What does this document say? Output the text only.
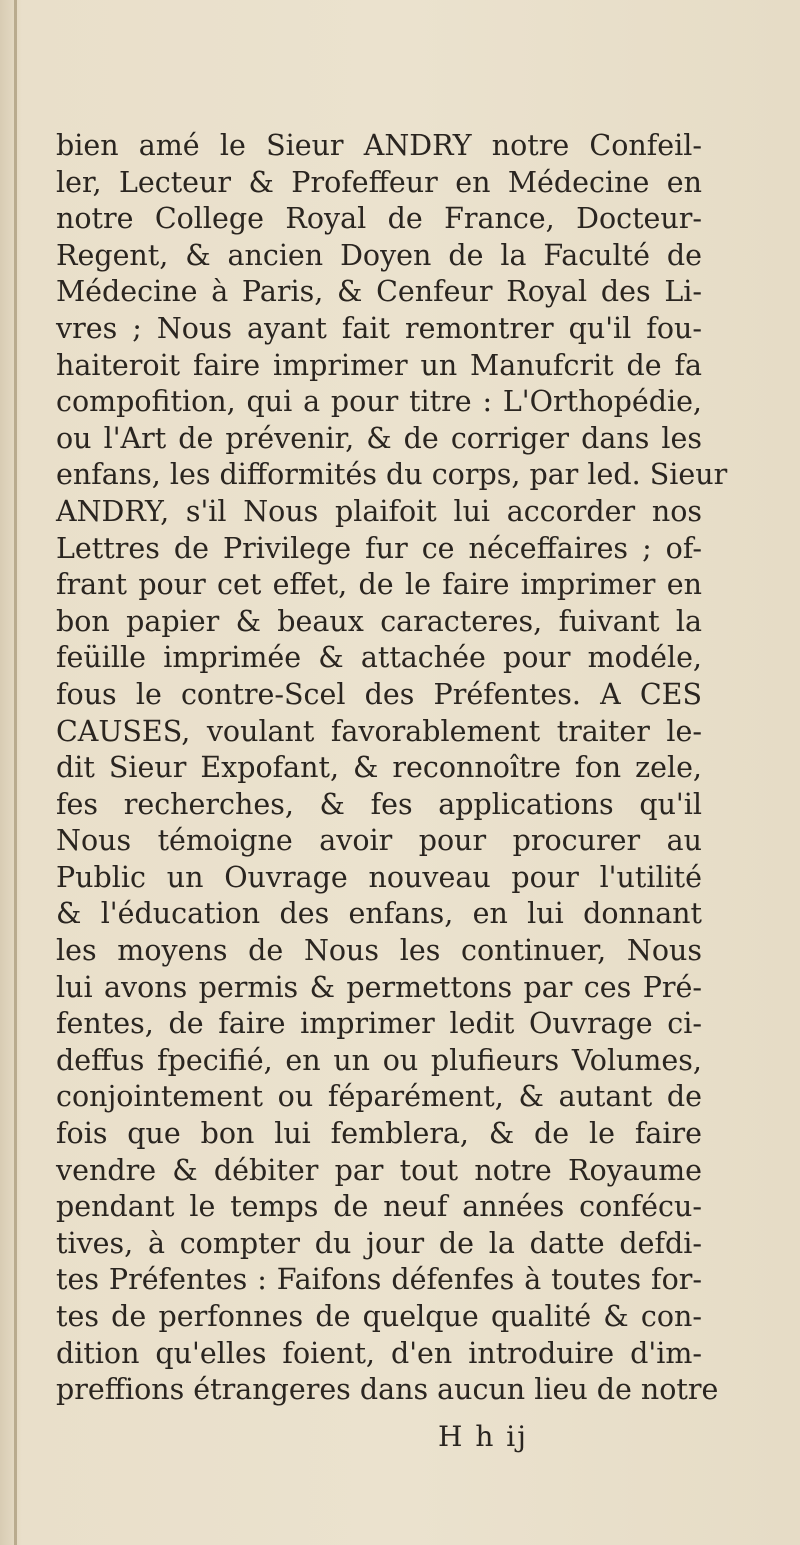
bien amé le Sieur ANDRY notre Confeil-
ler, Lecteur & Profeffeur en Médecine en
notre College Royal de France, Docteur-
Regent, & ancien Doyen de la Faculté de
Médecine à Paris, & Cenfeur Royal des Li-
vres ; Nous ayant fait remontrer qu'il fou-
haiteroit faire imprimer un Manufcrit de fa
compofition, qui a pour titre : L'Orthopédie,
ou l'Art de prévenir, & de corriger dans les
enfans, les difformités du corps, par led. Sieur
ANDRY, s'il Nous plaifoit lui accorder nos
Lettres de Privilege fur ce néceffaires ; of-
frant pour cet effet, de le faire imprimer en
bon papier & beaux caracteres, fuivant la
feüille imprimée & attachée pour modéle,
fous le contre-Scel des Préfentes. A CES
CAUSES, voulant favorablement traiter le-
dit Sieur Expofant, & reconnoître fon zele,
fes recherches, & fes applications qu'il
Nous témoigne avoir pour procurer au
Public un Ouvrage nouveau pour l'utilité
& l'éducation des enfans, en lui donnant
les moyens de Nous les continuer, Nous
lui avons permis & permettons par ces Pré-
fentes, de faire imprimer ledit Ouvrage ci-
deffus fpecifié, en un ou plufieurs Volumes,
conjointement ou féparément, & autant de
fois que bon lui femblera, & de le faire
vendre & débiter par tout notre Royaume
pendant le temps de neuf années confécu-
tives, à compter du jour de la datte defdi-
tes Préfentes : Faifons défenfes à toutes for-
tes de perfonnes de quelque qualité & con-
dition qu'elles foient, d'en introduire d'im-
preffions étrangeres dans aucun lieu de notre
H h ij
